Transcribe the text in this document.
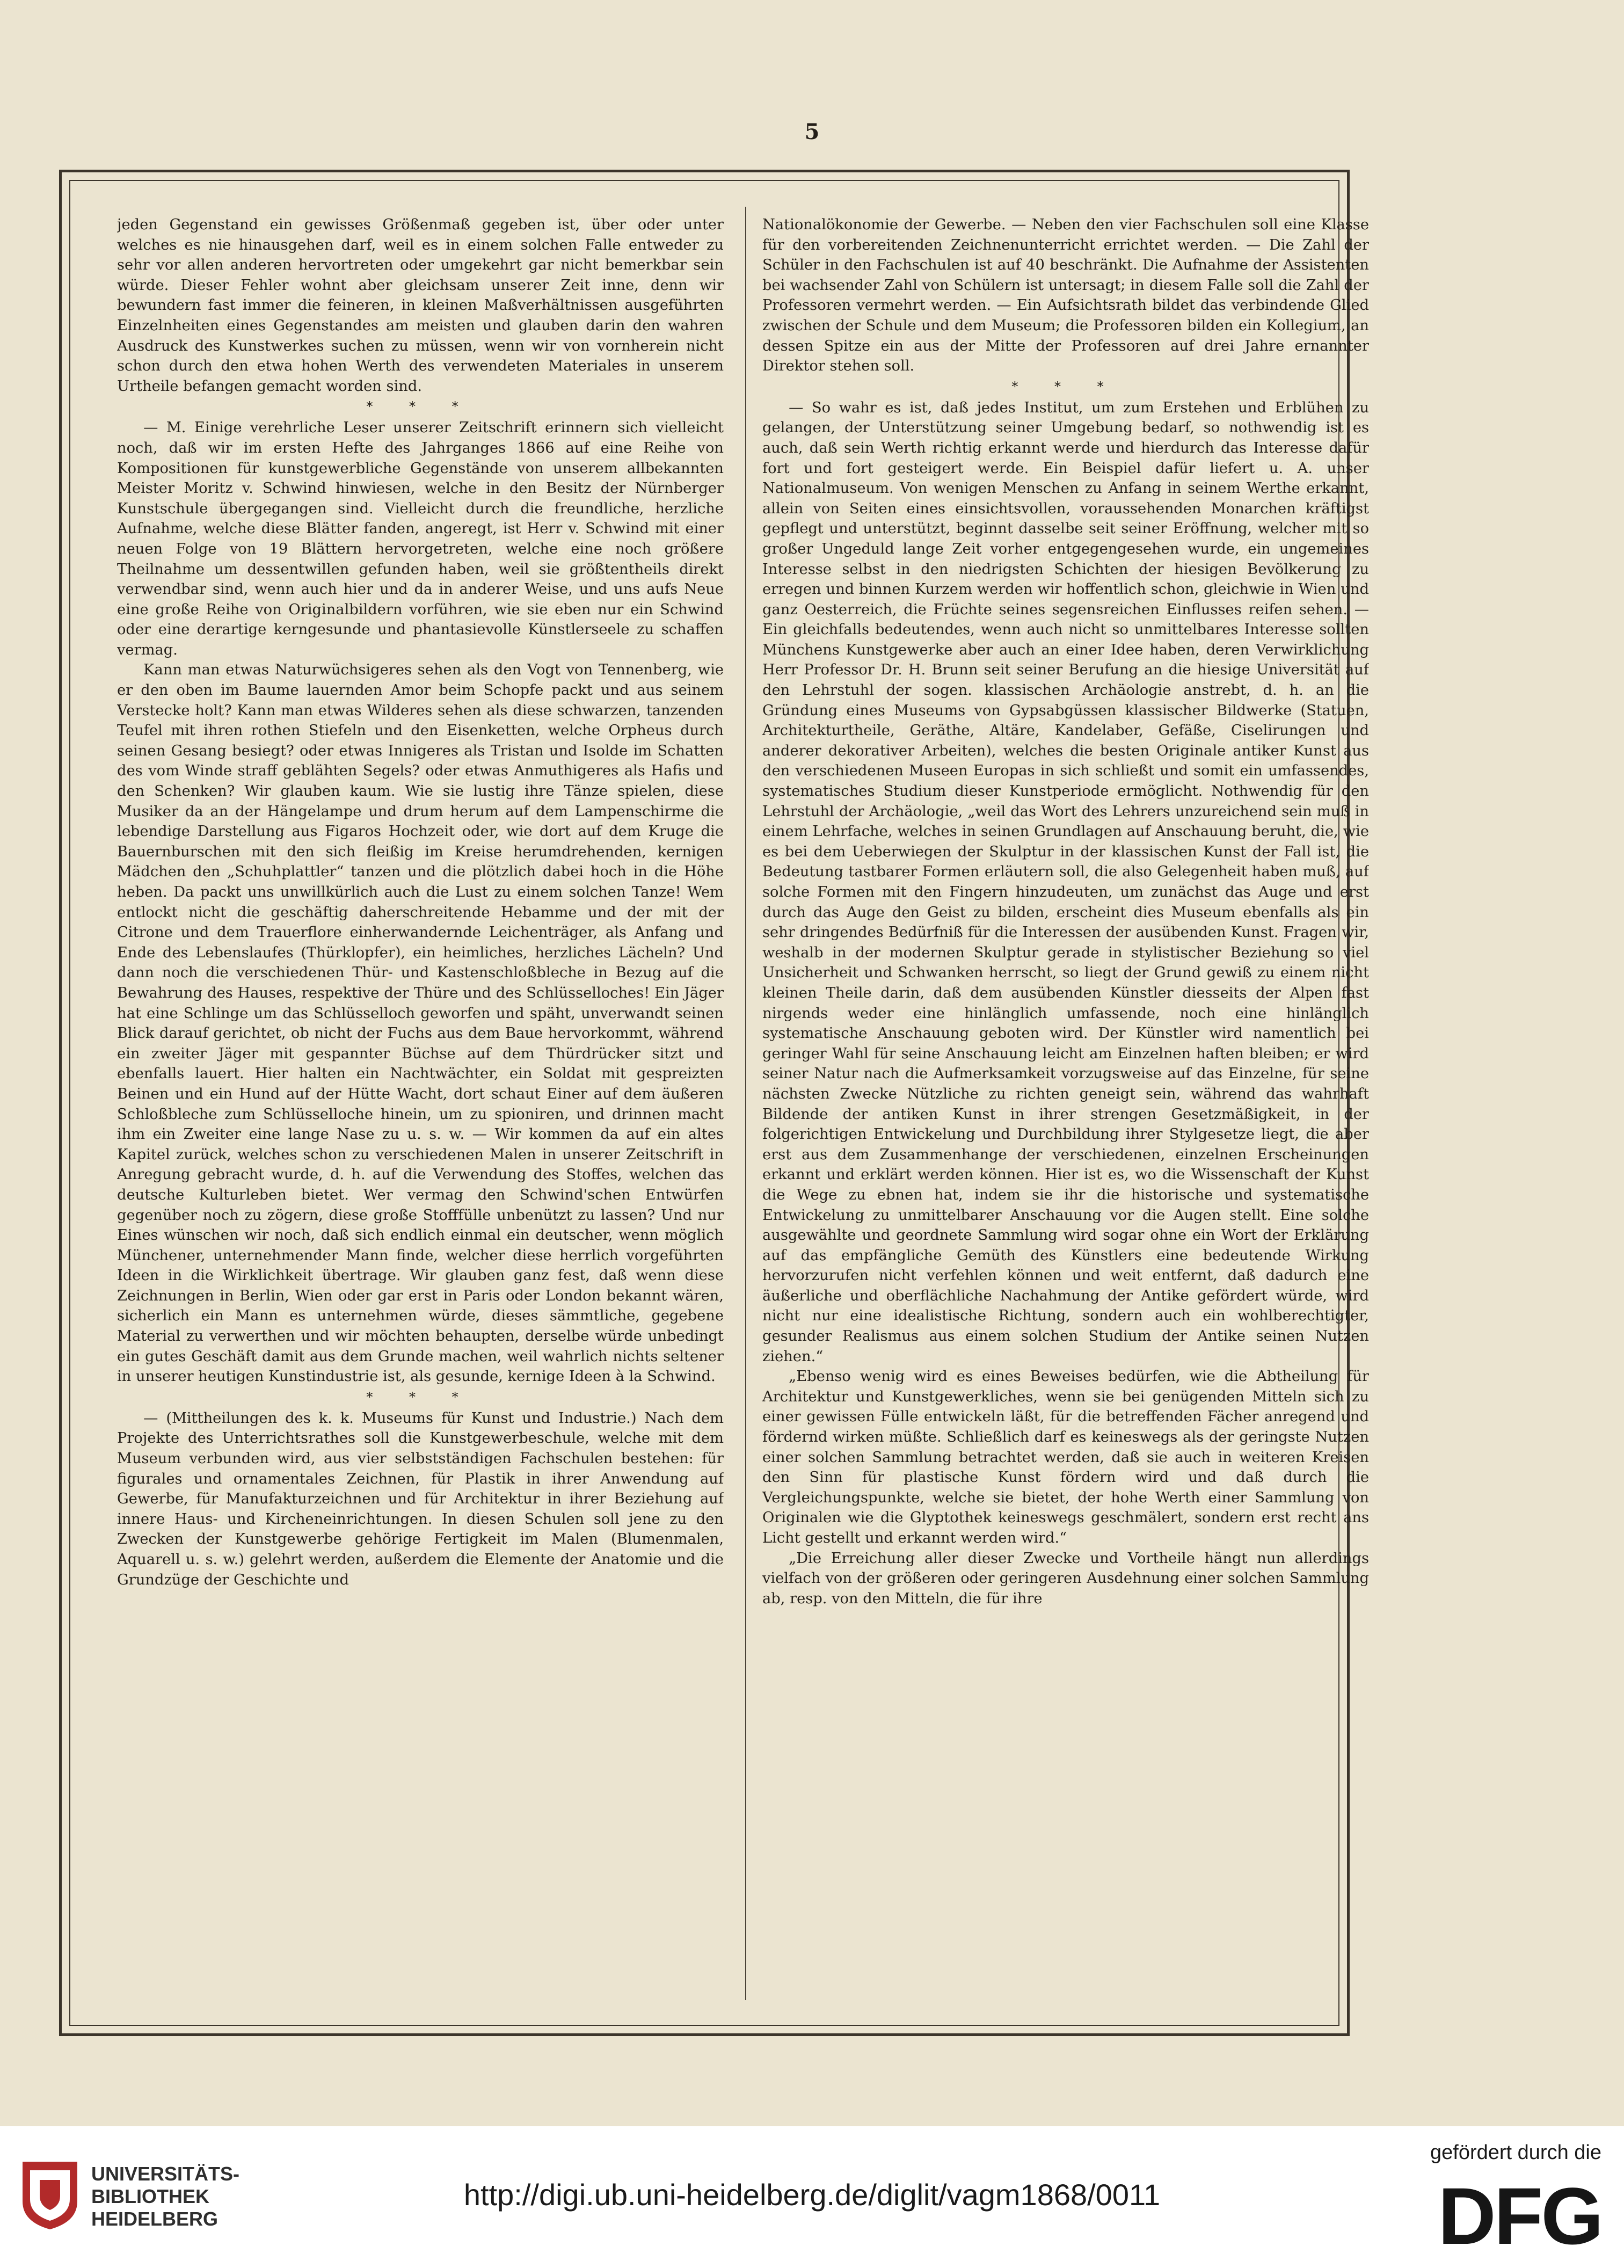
5

jeden Gegenstand ein gewisses Größenmaß gegeben ist, über oder unter welches es nie hinausgehen darf, weil es in einem solchen Falle entweder zu sehr vor allen anderen hervortreten oder umgekehrt gar nicht bemerkbar sein würde. Dieser Fehler wohnt aber gleichsam unserer Zeit inne, denn wir bewundern fast immer die feineren, in kleinen Maßverhältnissen ausgeführten Einzelnheiten eines Gegenstandes am meisten und glauben darin den wahren Ausdruck des Kunstwerkes suchen zu müssen, wenn wir von vornherein nicht schon durch den etwa hohen Werth des verwendeten Materiales in unserem Urtheile befangen gemacht worden sind.

* * *

— M. Einige verehrliche Leser unserer Zeitschrift erinnern sich vielleicht noch, daß wir im ersten Hefte des Jahrganges 1866 auf eine Reihe von Kompositionen für kunstgewerbliche Gegenstände von unserem allbekannten Meister Moritz v. Schwind hinwiesen, welche in den Besitz der Nürnberger Kunstschule übergegangen sind. Vielleicht durch die freundliche, herzliche Aufnahme, welche diese Blätter fanden, angeregt, ist Herr v. Schwind mit einer neuen Folge von 19 Blättern hervorgetreten, welche eine noch größere Theilnahme um dessentwillen gefunden haben, weil sie größtentheils direkt verwendbar sind, wenn auch hier und da in anderer Weise, und uns aufs Neue eine große Reihe von Originalbildern vorführen, wie sie eben nur ein Schwind oder eine derartige kerngesunde und phantasievolle Künstlerseele zu schaffen vermag.

Kann man etwas Naturwüchsigeres sehen als den Vogt von Tennenberg, wie er den oben im Baume lauernden Amor beim Schopfe packt und aus seinem Verstecke holt? Kann man etwas Wilderes sehen als diese schwarzen, tanzenden Teufel mit ihren rothen Stiefeln und den Eisenketten, welche Orpheus durch seinen Gesang besiegt? oder etwas Innigeres als Tristan und Isolde im Schatten des vom Winde straff geblähten Segels? oder etwas Anmuthigeres als Hafis und den Schenken? Wir glauben kaum. Wie sie lustig ihre Tänze spielen, diese Musiker da an der Hängelampe und drum herum auf dem Lampenschirme die lebendige Darstellung aus Figaros Hochzeit oder, wie dort auf dem Kruge die Bauernburschen mit den sich fleißig im Kreise herumdrehenden, kernigen Mädchen den „Schuhplattler“ tanzen und die plötzlich dabei hoch in die Höhe heben. Da packt uns unwillkürlich auch die Lust zu einem solchen Tanze! Wem entlockt nicht die geschäftig daherschreitende Hebamme und der mit der Citrone und dem Trauerflore einherwandernde Leichenträger, als Anfang und Ende des Lebenslaufes (Thürklopfer), ein heimliches, herzliches Lächeln? Und dann noch die verschiedenen Thür- und Kastenschloßbleche in Bezug auf die Bewahrung des Hauses, respektive der Thüre und des Schlüsselloches! Ein Jäger hat eine Schlinge um das Schlüsselloch geworfen und späht, unverwandt seinen Blick darauf gerichtet, ob nicht der Fuchs aus dem Baue hervorkommt, während ein zweiter Jäger mit gespannter Büchse auf dem Thürdrücker sitzt und ebenfalls lauert. Hier halten ein Nachtwächter, ein Soldat mit gespreizten Beinen und ein Hund auf der Hütte Wacht, dort schaut Einer auf dem äußeren Schloßbleche zum Schlüsselloche hinein, um zu spioniren, und drinnen macht ihm ein Zweiter eine lange Nase zu u. s. w. — Wir kommen da auf ein altes Kapitel zurück, welches schon zu verschiedenen Malen in unserer Zeitschrift in Anregung gebracht wurde, d. h. auf die Verwendung des Stoffes, welchen das deutsche Kulturleben bietet. Wer vermag den Schwind'schen Entwürfen gegenüber noch zu zögern, diese große Stofffülle unbenützt zu lassen? Und nur Eines wünschen wir noch, daß sich endlich einmal ein deutscher, wenn möglich Münchener, unternehmender Mann finde, welcher diese herrlich vorgeführten Ideen in die Wirklichkeit übertrage. Wir glauben ganz fest, daß wenn diese Zeichnungen in Berlin, Wien oder gar erst in Paris oder London bekannt wären, sicherlich ein Mann es unternehmen würde, dieses sämmtliche, gegebene Material zu verwerthen und wir möchten behaupten, derselbe würde unbedingt ein gutes Geschäft damit aus dem Grunde machen, weil wahrlich nichts seltener in unserer heutigen Kunstindustrie ist, als gesunde, kernige Ideen à la Schwind.

* * *

— (Mittheilungen des k. k. Museums für Kunst und Industrie.) Nach dem Projekte des Unterrichtsrathes soll die Kunstgewerbeschule, welche mit dem Museum verbunden wird, aus vier selbstständigen Fachschulen bestehen: für figurales und ornamentales Zeichnen, für Plastik in ihrer Anwendung auf Gewerbe, für Manufakturzeichnen und für Architektur in ihrer Beziehung auf innere Haus- und Kircheneinrichtungen. In diesen Schulen soll jene zu den Zwecken der Kunstgewerbe gehörige Fertigkeit im Malen (Blumenmalen, Aquarell u. s. w.) gelehrt werden, außerdem die Elemente der Anatomie und die Grundzüge der Geschichte und

Nationalökonomie der Gewerbe. — Neben den vier Fachschulen soll eine Klasse für den vorbereitenden Zeichnenunterricht errichtet werden. — Die Zahl der Schüler in den Fachschulen ist auf 40 beschränkt. Die Aufnahme der Assistenten bei wachsender Zahl von Schülern ist untersagt; in diesem Falle soll die Zahl der Professoren vermehrt werden. — Ein Aufsichtsrath bildet das verbindende Glied zwischen der Schule und dem Museum; die Professoren bilden ein Kollegium, an dessen Spitze ein aus der Mitte der Professoren auf drei Jahre ernannter Direktor stehen soll.

* * *

— So wahr es ist, daß jedes Institut, um zum Erstehen und Erblühen zu gelangen, der Unterstützung seiner Umgebung bedarf, so nothwendig ist es auch, daß sein Werth richtig erkannt werde und hierdurch das Interesse dafür fort und fort gesteigert werde. Ein Beispiel dafür liefert u. A. unser Nationalmuseum. Von wenigen Menschen zu Anfang in seinem Werthe erkannt, allein von Seiten eines einsichtsvollen, voraussehenden Monarchen kräftigst gepflegt und unterstützt, beginnt dasselbe seit seiner Eröffnung, welcher mit so großer Ungeduld lange Zeit vorher entgegengesehen wurde, ein ungemeines Interesse selbst in den niedrigsten Schichten der hiesigen Bevölkerung zu erregen und binnen Kurzem werden wir hoffentlich schon, gleichwie in Wien und ganz Oesterreich, die Früchte seines segensreichen Einflusses reifen sehen. — Ein gleichfalls bedeutendes, wenn auch nicht so unmittelbares Interesse sollten Münchens Kunstgewerke aber auch an einer Idee haben, deren Verwirklichung Herr Professor Dr. H. Brunn seit seiner Berufung an die hiesige Universität auf den Lehrstuhl der sogen. klassischen Archäologie anstrebt, d. h. an die Gründung eines Museums von Gypsabgüssen klassischer Bildwerke (Statuen, Architekturtheile, Geräthe, Altäre, Kandelaber, Gefäße, Ciselirungen und anderer dekorativer Arbeiten), welches die besten Originale antiker Kunst aus den verschiedenen Museen Europas in sich schließt und somit ein umfassendes, systematisches Studium dieser Kunstperiode ermöglicht. Nothwendig für den Lehrstuhl der Archäologie, „weil das Wort des Lehrers unzureichend sein muß in einem Lehrfache, welches in seinen Grundlagen auf Anschauung beruht, die, wie es bei dem Ueberwiegen der Skulptur in der klassischen Kunst der Fall ist, die Bedeutung tastbarer Formen erläutern soll, die also Gelegenheit haben muß, auf solche Formen mit den Fingern hinzudeuten, um zunächst das Auge und erst durch das Auge den Geist zu bilden, erscheint dies Museum ebenfalls als ein sehr dringendes Bedürfniß für die Interessen der ausübenden Kunst. Fragen wir, weshalb in der modernen Skulptur gerade in stylistischer Beziehung so viel Unsicherheit und Schwanken herrscht, so liegt der Grund gewiß zu einem nicht kleinen Theile darin, daß dem ausübenden Künstler diesseits der Alpen fast nirgends weder eine hinlänglich umfassende, noch eine hinlänglich systematische Anschauung geboten wird. Der Künstler wird namentlich bei geringer Wahl für seine Anschauung leicht am Einzelnen haften bleiben; er wird seiner Natur nach die Aufmerksamkeit vorzugsweise auf das Einzelne, für seine nächsten Zwecke Nützliche zu richten geneigt sein, während das wahrhaft Bildende der antiken Kunst in ihrer strengen Gesetzmäßigkeit, in der folgerichtigen Entwickelung und Durchbildung ihrer Stylgesetze liegt, die aber erst aus dem Zusammenhange der verschiedenen, einzelnen Erscheinungen erkannt und erklärt werden können. Hier ist es, wo die Wissenschaft der Kunst die Wege zu ebnen hat, indem sie ihr die historische und systematische Entwickelung zu unmittelbarer Anschauung vor die Augen stellt. Eine solche ausgewählte und geordnete Sammlung wird sogar ohne ein Wort der Erklärung auf das empfängliche Gemüth des Künstlers eine bedeutende Wirkung hervorzurufen nicht verfehlen können und weit entfernt, daß dadurch eine äußerliche und oberflächliche Nachahmung der Antike gefördert würde, wird nicht nur eine idealistische Richtung, sondern auch ein wohlberechtigter, gesunder Realismus aus einem solchen Studium der Antike seinen Nutzen ziehen.“

„Ebenso wenig wird es eines Beweises bedürfen, wie die Abtheilung für Architektur und Kunstgewerkliches, wenn sie bei genügenden Mitteln sich zu einer gewissen Fülle entwickeln läßt, für die betreffenden Fächer anregend und fördernd wirken müßte. Schließlich darf es keineswegs als der geringste Nutzen einer solchen Sammlung betrachtet werden, daß sie auch in weiteren Kreisen den Sinn für plastische Kunst fördern wird und daß durch die Vergleichungspunkte, welche sie bietet, der hohe Werth einer Sammlung von Originalen wie die Glyptothek keineswegs geschmälert, sondern erst recht ans Licht gestellt und erkannt werden wird.“

„Die Erreichung aller dieser Zwecke und Vortheile hängt nun allerdings vielfach von der größeren oder geringeren Ausdehnung einer solchen Sammlung ab, resp. von den Mitteln, die für ihre

UNIVERSITÄTS-
BIBLIOTHEK
HEIDELBERG
http://digi.ub.uni-heidelberg.de/diglit/vagm1868/0011
gefördert durch die
DFG
